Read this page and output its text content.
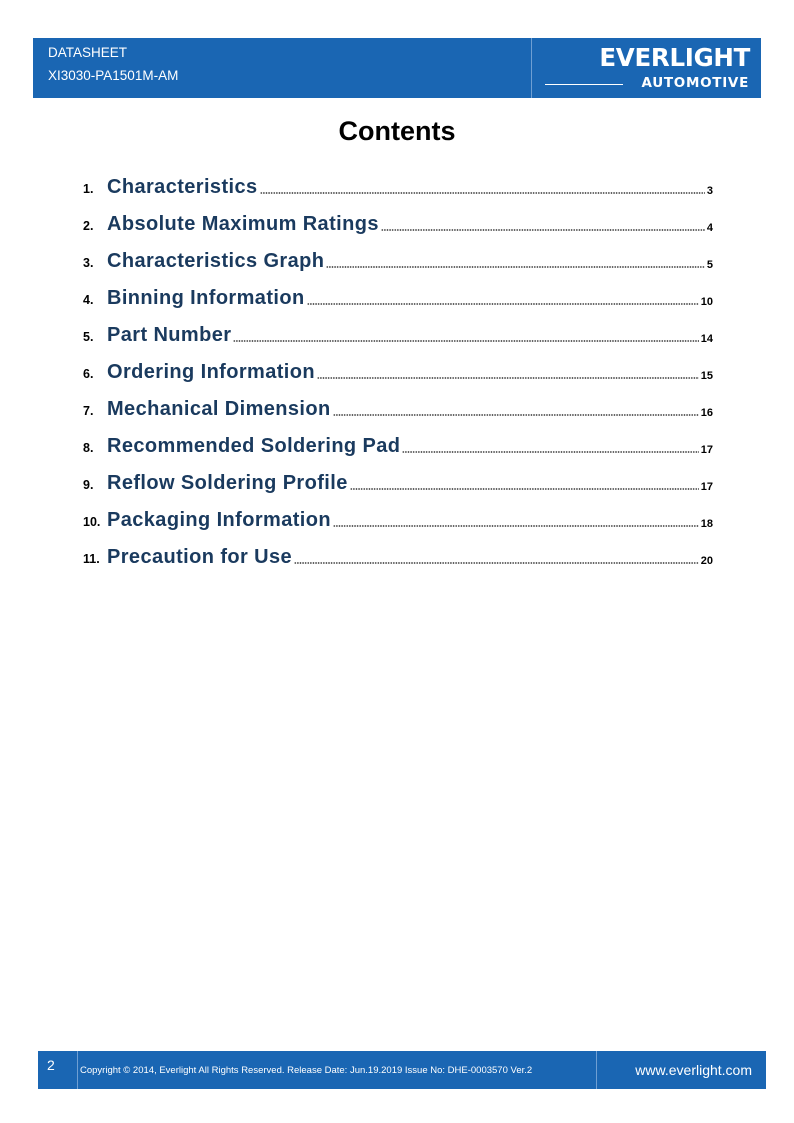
DATASHEET
XI3030-PA1501M-AM
EVERLIGHT
AUTOMOTIVE
Contents
1. Characteristics	3
2. Absolute Maximum Ratings	4
3. Characteristics Graph	5
4. Binning Information	10
5. Part Number	14
6. Ordering Information	15
7. Mechanical Dimension	16
8. Recommended Soldering Pad	17
9. Reflow Soldering Profile	17
10. Packaging Information	18
11. Precaution for Use	20
2	Copyright © 2014, Everlight All Rights Reserved. Release Date: Jun.19.2019 Issue No: DHE-0003570 Ver.2	www.everlight.com
